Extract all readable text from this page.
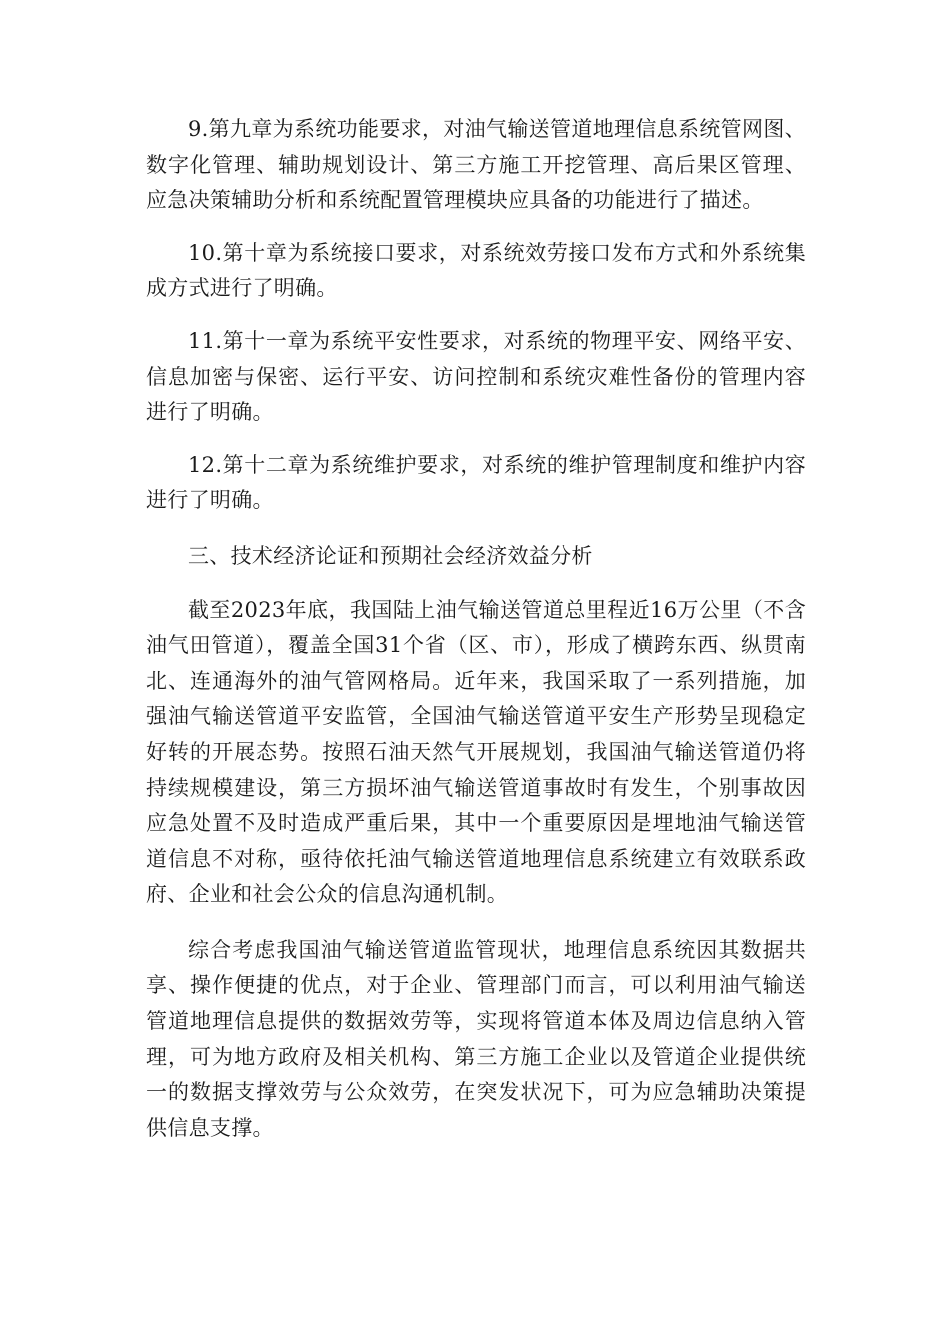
9.第九章为系统功能要求，对油气输送管道地理信息系统管网图、数字化管理、辅助规划设计、第三方施工开挖管理、高后果区管理、应急决策辅助分析和系统配置管理模块应具备的功能进行了描述。

10.第十章为系统接口要求，对系统效劳接口发布方式和外系统集成方式进行了明确。

11.第十一章为系统平安性要求，对系统的物理平安、网络平安、信息加密与保密、运行平安、访问控制和系统灾难性备份的管理内容进行了明确。

12.第十二章为系统维护要求，对系统的维护管理制度和维护内容进行了明确。

三、技术经济论证和预期社会经济效益分析

截至2023年底，我国陆上油气输送管道总里程近16万公里（不含油气田管道），覆盖全国31个省（区、市），形成了横跨东西、纵贯南北、连通海外的油气管网格局。近年来，我国采取了一系列措施，加强油气输送管道平安监管，全国油气输送管道平安生产形势呈现稳定好转的开展态势。按照石油天然气开展规划，我国油气输送管道仍将持续规模建设，第三方损坏油气输送管道事故时有发生，个别事故因应急处置不及时造成严重后果，其中一个重要原因是埋地油气输送管道信息不对称，亟待依托油气输送管道地理信息系统建立有效联系政府、企业和社会公众的信息沟通机制。

综合考虑我国油气输送管道监管现状，地理信息系统因其数据共享、操作便捷的优点，对于企业、管理部门而言，可以利用油气输送管道地理信息提供的数据效劳等，实现将管道本体及周边信息纳入管理，可为地方政府及相关机构、第三方施工企业以及管道企业提供统一的数据支撑效劳与公众效劳，在突发状况下，可为应急辅助决策提供信息支撑。
